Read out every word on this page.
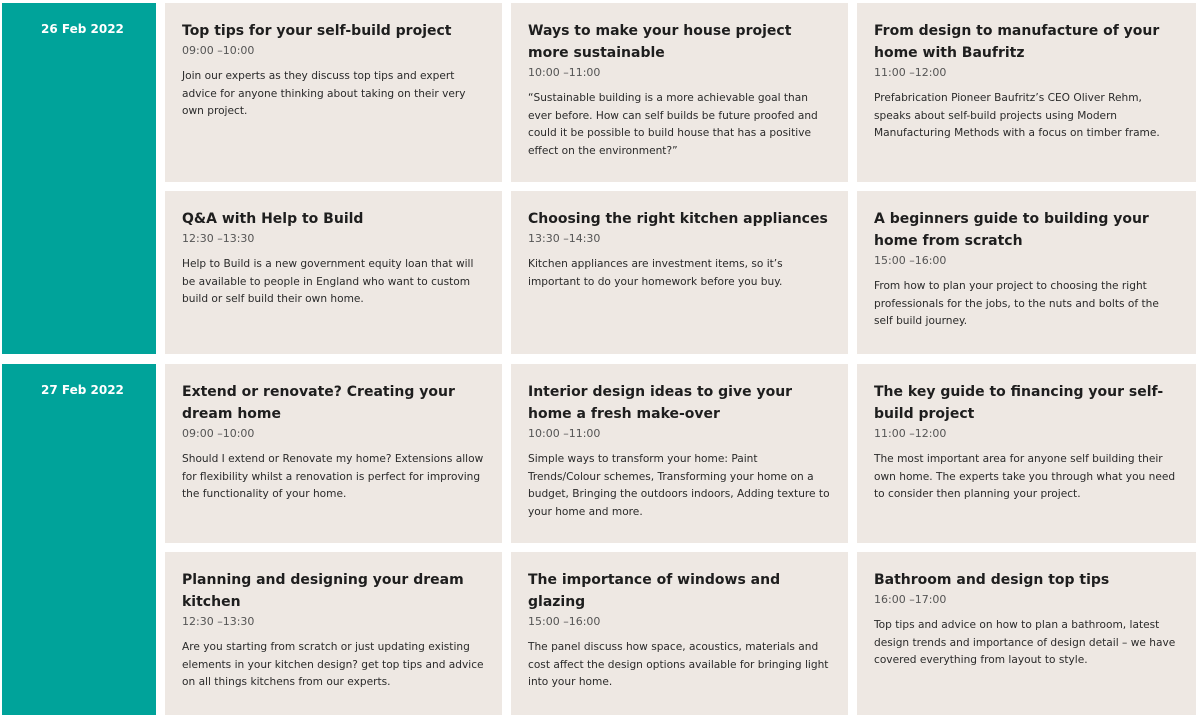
26 Feb 2022	Top tips for your self-build project
09:00 –10:00
Join our experts as they discuss top tips and expert advice for anyone thinking about taking on their very own project.
Ways to make your house project more sustainable
10:00 –11:00
“Sustainable building is a more achievable goal than ever before. How can self builds be future proofed and could it be possible to build house that has a positive effect on the environment?”
From design to manufacture of your home with Baufritz
11:00 –12:00
Prefabrication Pioneer Baufritz’s CEO Oliver Rehm, speaks about self-build projects using Modern Manufacturing Methods with a focus on timber frame.
Q&A with Help to Build
12:30 –13:30
Help to Build is a new government equity loan that will be available to people in England who want to custom build or self build their own home.
Choosing the right kitchen appliances
13:30 –14:30
Kitchen appliances are investment items, so it’s important to do your homework before you buy.
A beginners guide to building your home from scratch
15:00 –16:00
From how to plan your project to choosing the right professionals for the jobs, to the nuts and bolts of the self build journey.
27 Feb 2022	Extend or renovate? Creating your dream home
09:00 –10:00
Should I extend or Renovate my home? Extensions allow for flexibility whilst a renovation is perfect for improving the functionality of your home.
Interior design ideas to give your home a fresh make-over
10:00 –11:00
Simple ways to transform your home: Paint Trends/Colour schemes, Transforming your home on a budget, Bringing the outdoors indoors, Adding texture to your home and more.
The key guide to financing your self-build project
11:00 –12:00
The most important area for anyone self building their own home. The experts take you through what you need to consider then planning your project.
Planning and designing your dream kitchen
12:30 –13:30
Are you starting from scratch or just updating existing elements in your kitchen design? get top tips and advice on all things kitchens from our experts.
The importance of windows and glazing
15:00 –16:00
The panel discuss how space, acoustics, materials and cost affect the design options available for bringing light into your home.
Bathroom and design top tips
16:00 –17:00
Top tips and advice on how to plan a bathroom, latest design trends and importance of design detail – we have covered everything from layout to style.
